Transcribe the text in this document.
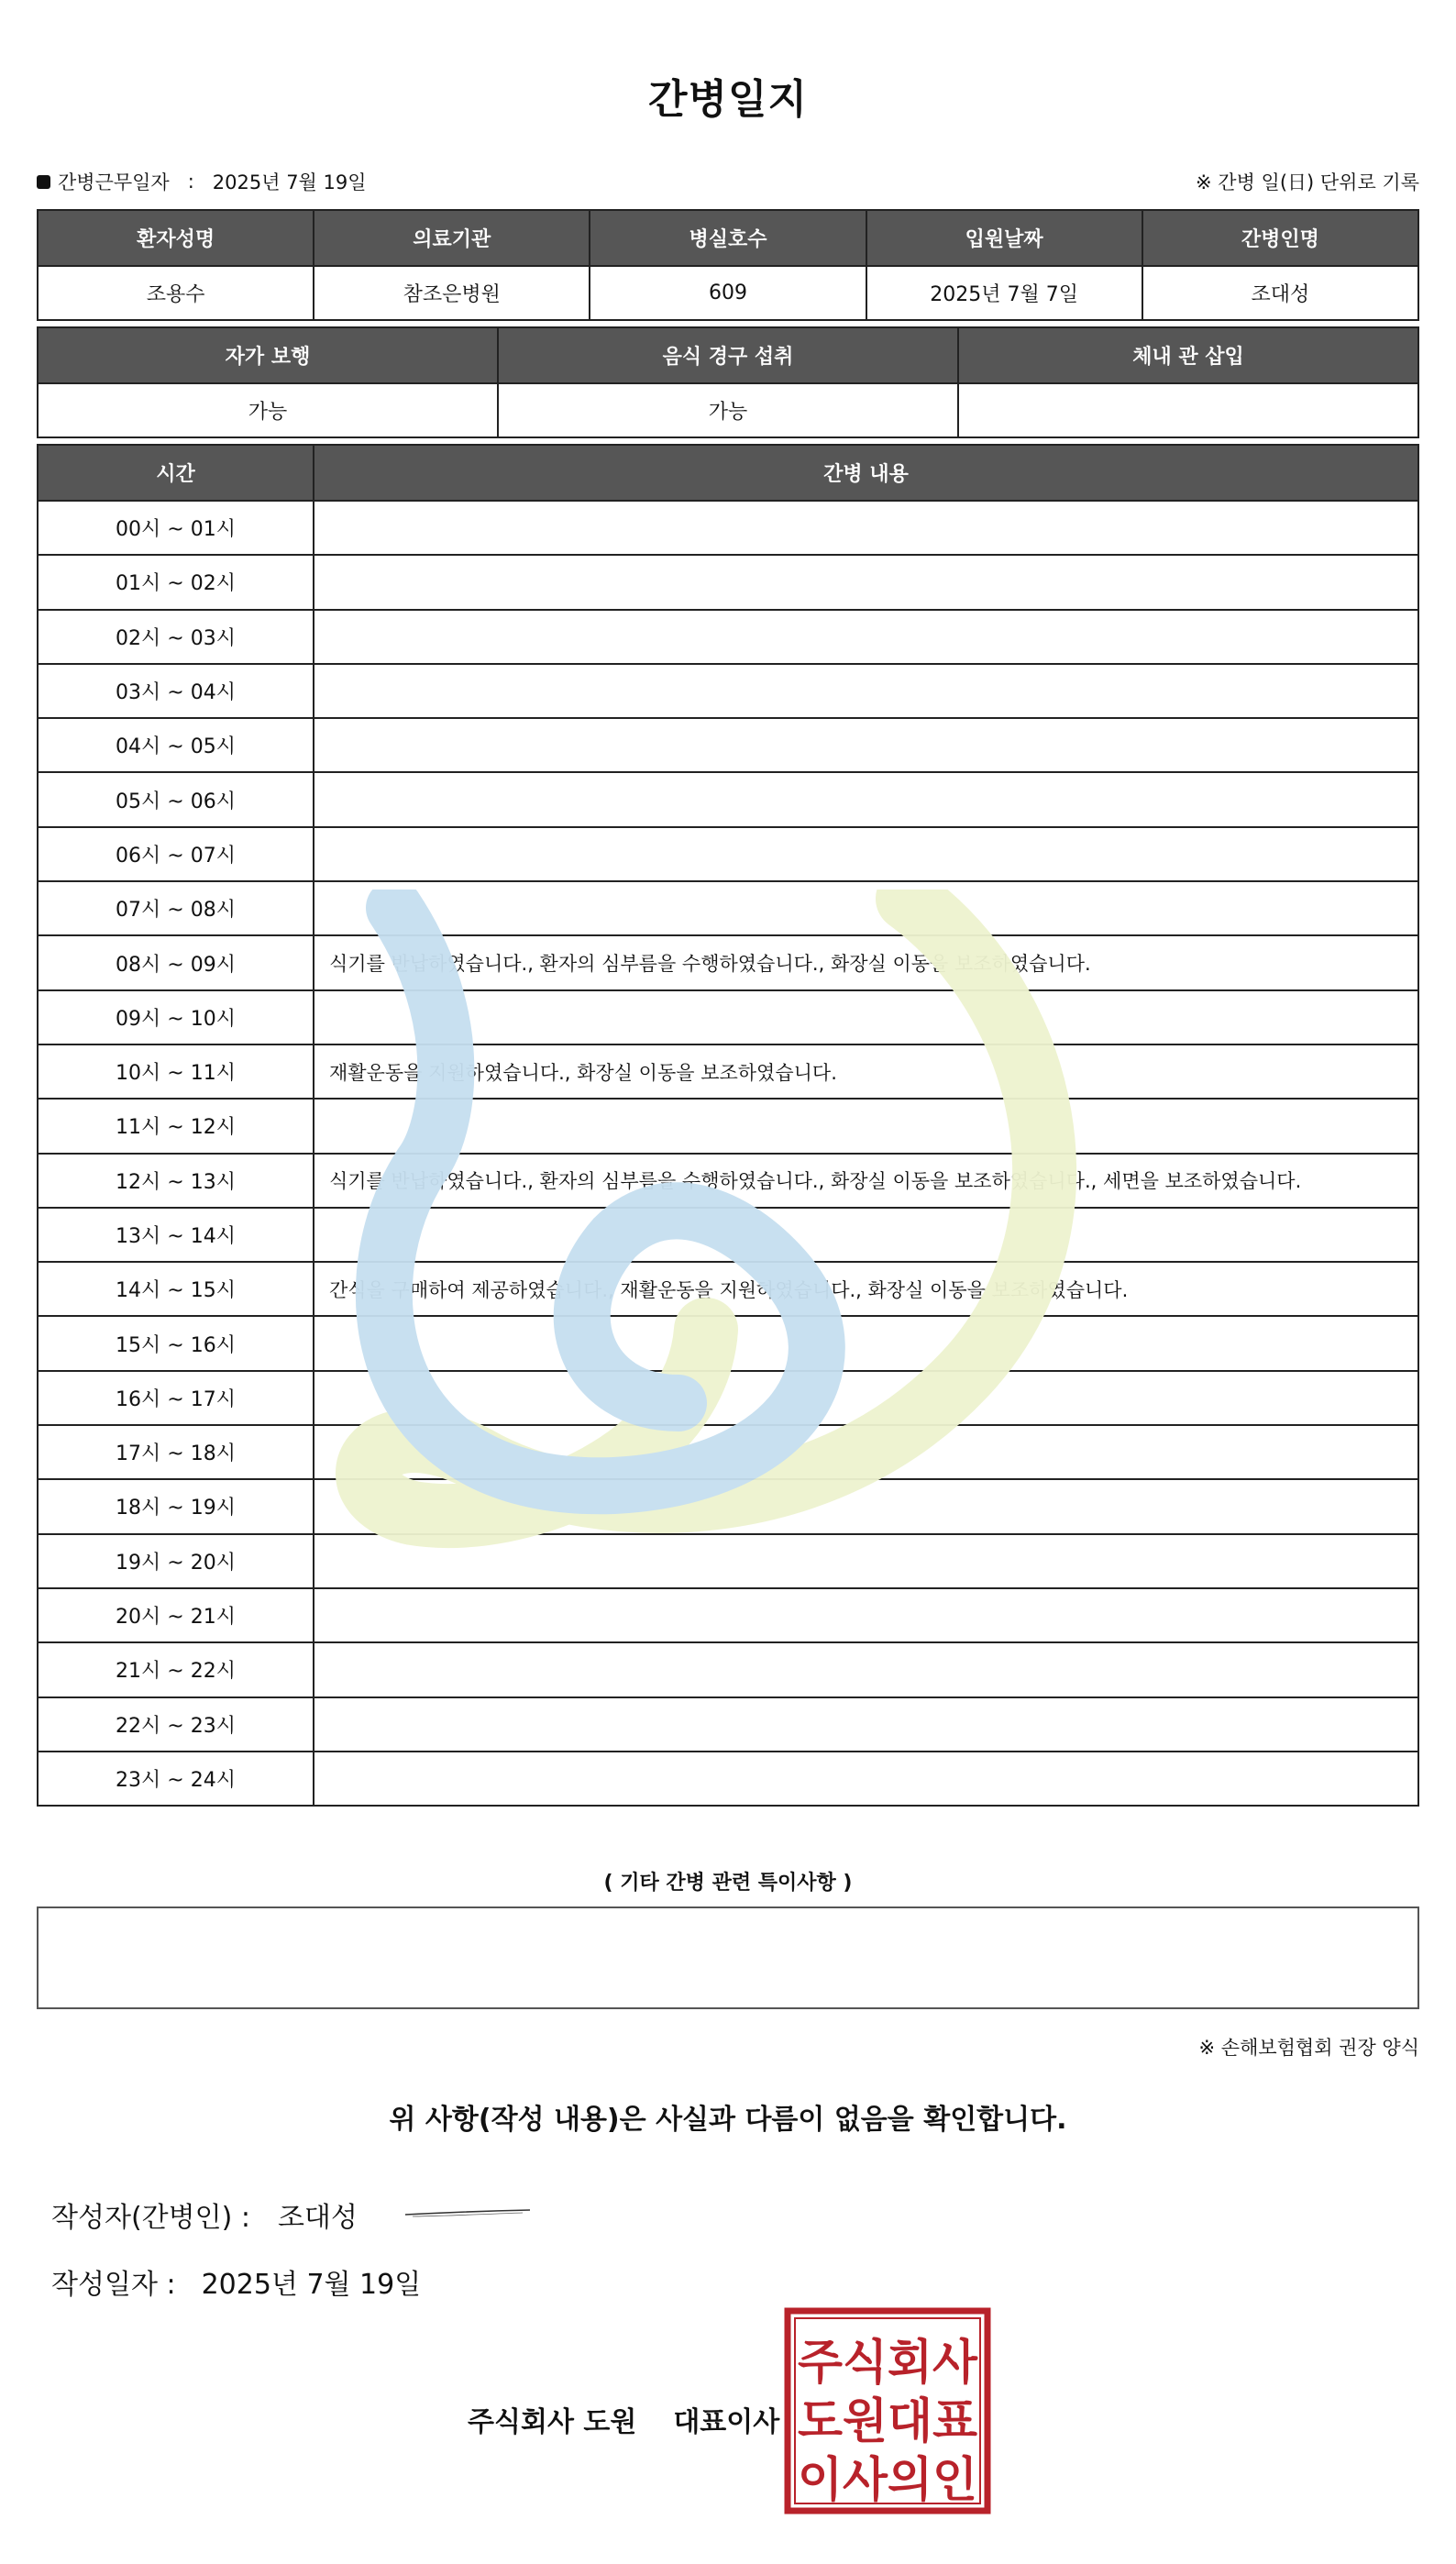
간병일지
간병근무일자 : 2025년 7월 19일	※ 간병 일(日) 단위로 기록
환자성명	의료기관	병실호수	입원날짜	간병인명
조용수	참조은병원	609	2025년 7월 7일	조대성
자가 보행	음식 경구 섭취	체내 관 삽입
가능	가능	
시간	간병 내용
00시 ~ 01시	
01시 ~ 02시	
02시 ~ 03시	
03시 ~ 04시	
04시 ~ 05시	
05시 ~ 06시	
06시 ~ 07시	
07시 ~ 08시	
08시 ~ 09시	식기를 반납하였습니다., 환자의 심부름을 수행하였습니다., 화장실 이동을 보조하였습니다.
09시 ~ 10시	
10시 ~ 11시	재활운동을 지원하였습니다., 화장실 이동을 보조하였습니다.
11시 ~ 12시	
12시 ~ 13시	식기를 반납하였습니다., 환자의 심부름을 수행하였습니다., 화장실 이동을 보조하였습니다., 세면을 보조하였습니다.
13시 ~ 14시	
14시 ~ 15시	간식을 구매하여 제공하였습니다., 재활운동을 지원하였습니다., 화장실 이동을 보조하였습니다.
15시 ~ 16시	
16시 ~ 17시	
17시 ~ 18시	
18시 ~ 19시	
19시 ~ 20시	
20시 ~ 21시	
21시 ~ 22시	
22시 ~ 23시	
23시 ~ 24시	
( 기타 간병 관련 특이사항 )
※ 손해보험협회 권장 양식
위 사항(작성 내용)은 사실과 다름이 없음을 확인합니다.
작성자(간병인) : 조대성
작성일자 : 2025년 7월 19일
주식회사 도원 대표이사
주식회사
도원대표
이사의인
